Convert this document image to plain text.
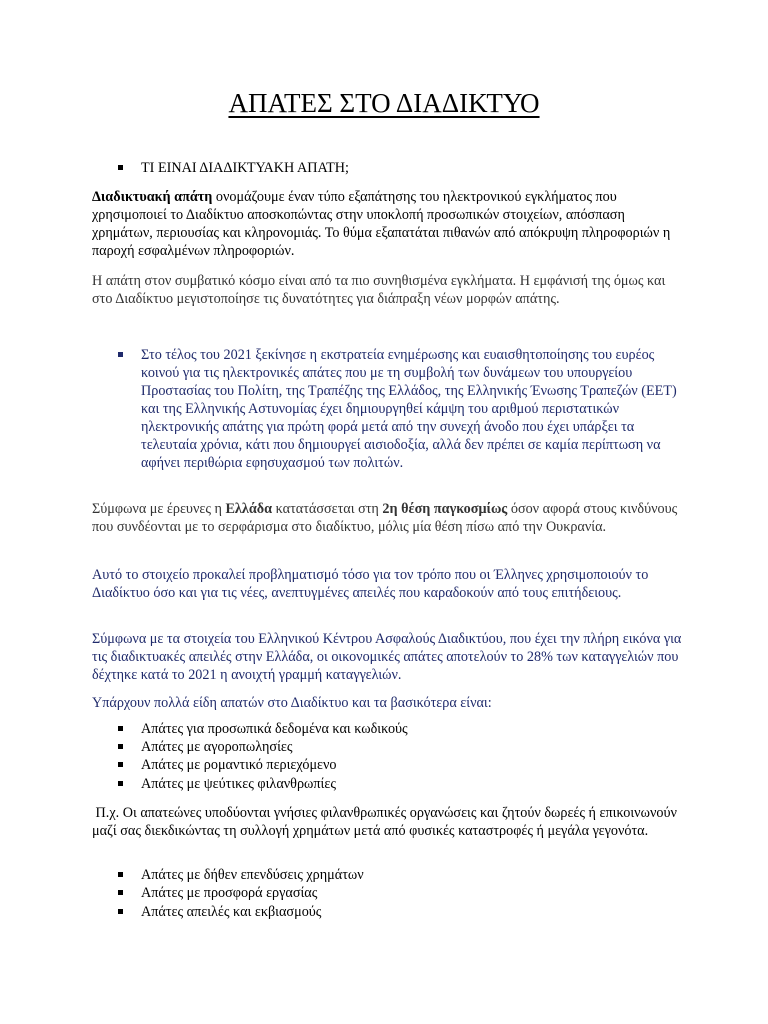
ΑΠΑΤΕΣ ΣΤΟ ΔΙΑΔΙΚΤΥΟ
ΤΙ ΕΙΝΑΙ ΔΙΑΔΙΚΤΥΑΚΗ ΑΠΑΤΗ;

Διαδικτυακή απάτη ονομάζουμε έναν τύπο εξαπάτησης του ηλεκτρονικού εγκλήματος που χρησιμοποιεί το Διαδίκτυο αποσκοπώντας στην υποκλοπή προσωπικών στοιχείων, απόσπαση χρημάτων, περιουσίας και κληρονομιάς. Το θύμα εξαπατάται πιθανών από απόκρυψη πληροφοριών η παροχή εσφαλμένων πληροφοριών.

Η απάτη στον συμβατικό κόσμο είναι από τα πιο συνηθισμένα εγκλήματα. Η εμφάνισή της όμως και στο Διαδίκτυο μεγιστοποίησε τις δυνατότητες για διάπραξη νέων μορφών απάτης.

Στο τέλος του 2021 ξεκίνησε η εκστρατεία ενημέρωσης και ευαισθητοποίησης του ευρέος κοινού για τις ηλεκτρονικές απάτες που με τη συμβολή των δυνάμεων του υπουργείου Προστασίας του Πολίτη, της Τραπέζης της Ελλάδος, της Ελληνικής Ένωσης Τραπεζών (ΕΕΤ) και της Ελληνικής Αστυνομίας έχει δημιουργηθεί κάμψη του αριθμού περιστατικών ηλεκτρονικής απάτης για πρώτη φορά μετά από την συνεχή άνοδο που έχει υπάρξει τα τελευταία χρόνια, κάτι που δημιουργεί αισιοδοξία, αλλά δεν πρέπει σε καμία περίπτωση να αφήνει περιθώρια εφησυχασμού των πολιτών.

Σύμφωνα με έρευνες η Ελλάδα κατατάσσεται στη 2η θέση παγκοσμίως όσον αφορά στους κινδύνους που συνδέονται με το σερφάρισμα στο διαδίκτυο, μόλις μία θέση πίσω από την Ουκρανία.

Αυτό το στοιχείο προκαλεί προβληματισμό τόσο για τον τρόπο που οι Έλληνες χρησιμοποιούν το Διαδίκτυο όσο και για τις νέες, ανεπτυγμένες απειλές που καραδοκούν από τους επιτήδειους.

Σύμφωνα με τα στοιχεία του Ελληνικού Κέντρου Ασφαλούς Διαδικτύου, που έχει την πλήρη εικόνα για τις διαδικτυακές απειλές στην Ελλάδα, οι οικονομικές απάτες αποτελούν το 28% των καταγγελιών που δέχτηκε κατά το 2021 η ανοιχτή γραμμή καταγγελιών.

Υπάρχουν πολλά είδη απατών στο Διαδίκτυο και τα βασικότερα είναι:

Απάτες για προσωπικά δεδομένα και κωδικούς
Απάτες με αγοροπωλησίες
Απάτες με ρομαντικό περιεχόμενο
Απάτες με ψεύτικες φιλανθρωπίες

Π.χ. Οι απατεώνες υποδύονται γνήσιες φιλανθρωπικές οργανώσεις και ζητούν δωρεές ή επικοινωνούν μαζί σας διεκδικώντας τη συλλογή χρημάτων μετά από φυσικές καταστροφές ή μεγάλα γεγονότα.

Απάτες με δήθεν επενδύσεις χρημάτων
Απάτες με προσφορά εργασίας
Απάτες απειλές και εκβιασμούς
